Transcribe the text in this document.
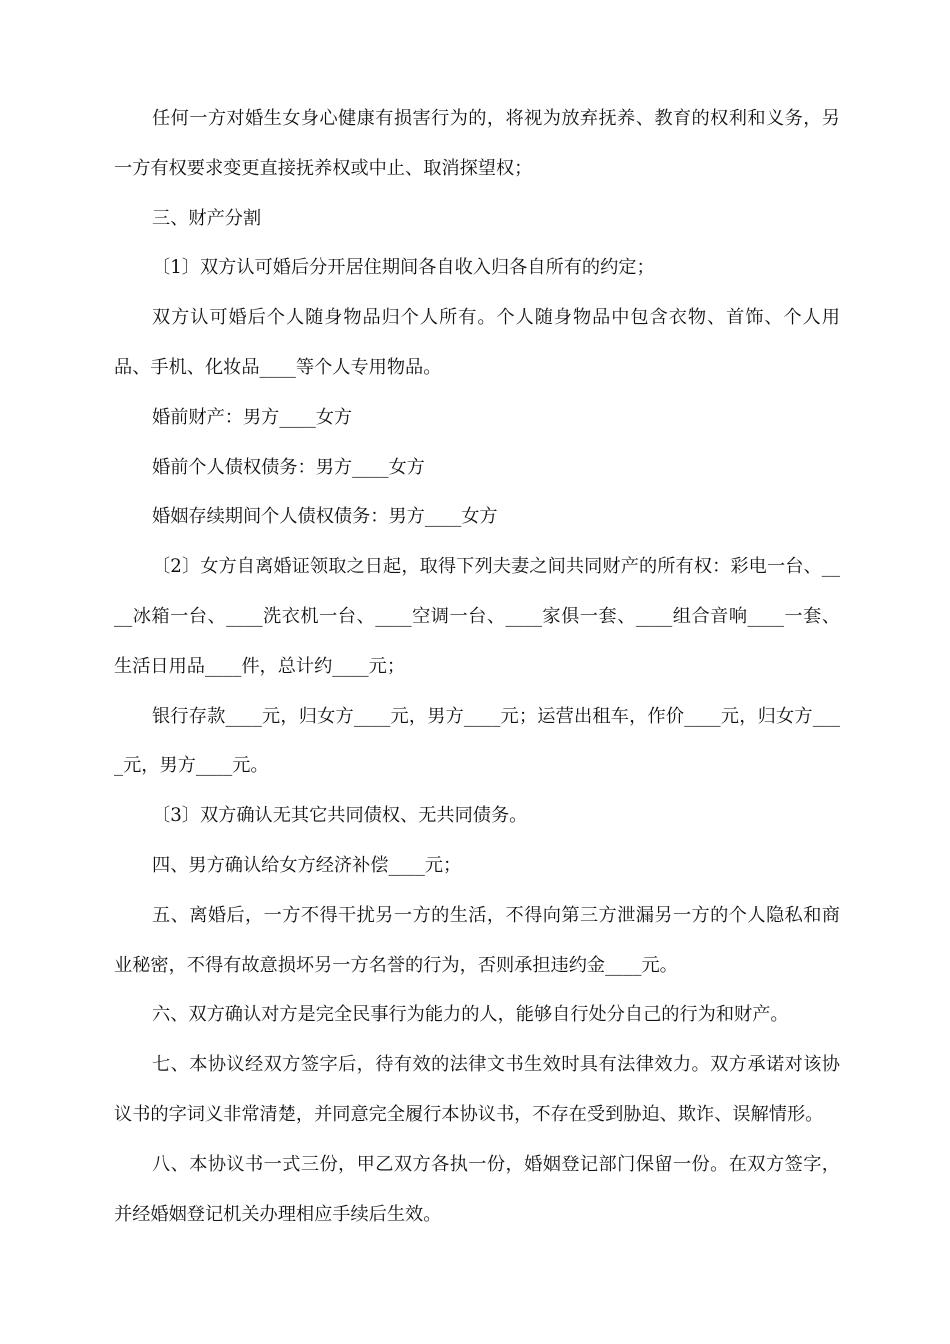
任何一方对婚生女身心健康有损害行为的，将视为放弃抚养、教育的权利和义务，另一方有权要求变更直接抚养权或中止、取消探望权；

三、财产分割

〔1〕双方认可婚后分开居住期间各自收入归各自所有的约定；

双方认可婚后个人随身物品归个人所有。个人随身物品中包含衣物、首饰、个人用品、手机、化妆品____等个人专用物品。

婚前财产：男方____女方

婚前个人债权债务：男方____女方

婚姻存续期间个人债权债务：男方____女方

〔2〕女方自离婚证领取之日起，取得下列夫妻之间共同财产的所有权：彩电一台、____冰箱一台、____洗衣机一台、____空调一台、____家俱一套、____组合音响____一套、生活日用品____件，总计约____元；

银行存款____元，归女方____元，男方____元；运营出租车，作价____元，归女方____元，男方____元。

〔3〕双方确认无其它共同债权、无共同债务。

四、男方确认给女方经济补偿____元；

五、离婚后，一方不得干扰另一方的生活，不得向第三方泄漏另一方的个人隐私和商业秘密，不得有故意损坏另一方名誉的行为，否则承担违约金____元。

六、双方确认对方是完全民事行为能力的人，能够自行处分自己的行为和财产。

七、本协议经双方签字后，待有效的法律文书生效时具有法律效力。双方承诺对该协议书的字词义非常清楚，并同意完全履行本协议书，不存在受到胁迫、欺诈、误解情形。

八、本协议书一式三份，甲乙双方各执一份，婚姻登记部门保留一份。在双方签字，并经婚姻登记机关办理相应手续后生效。
